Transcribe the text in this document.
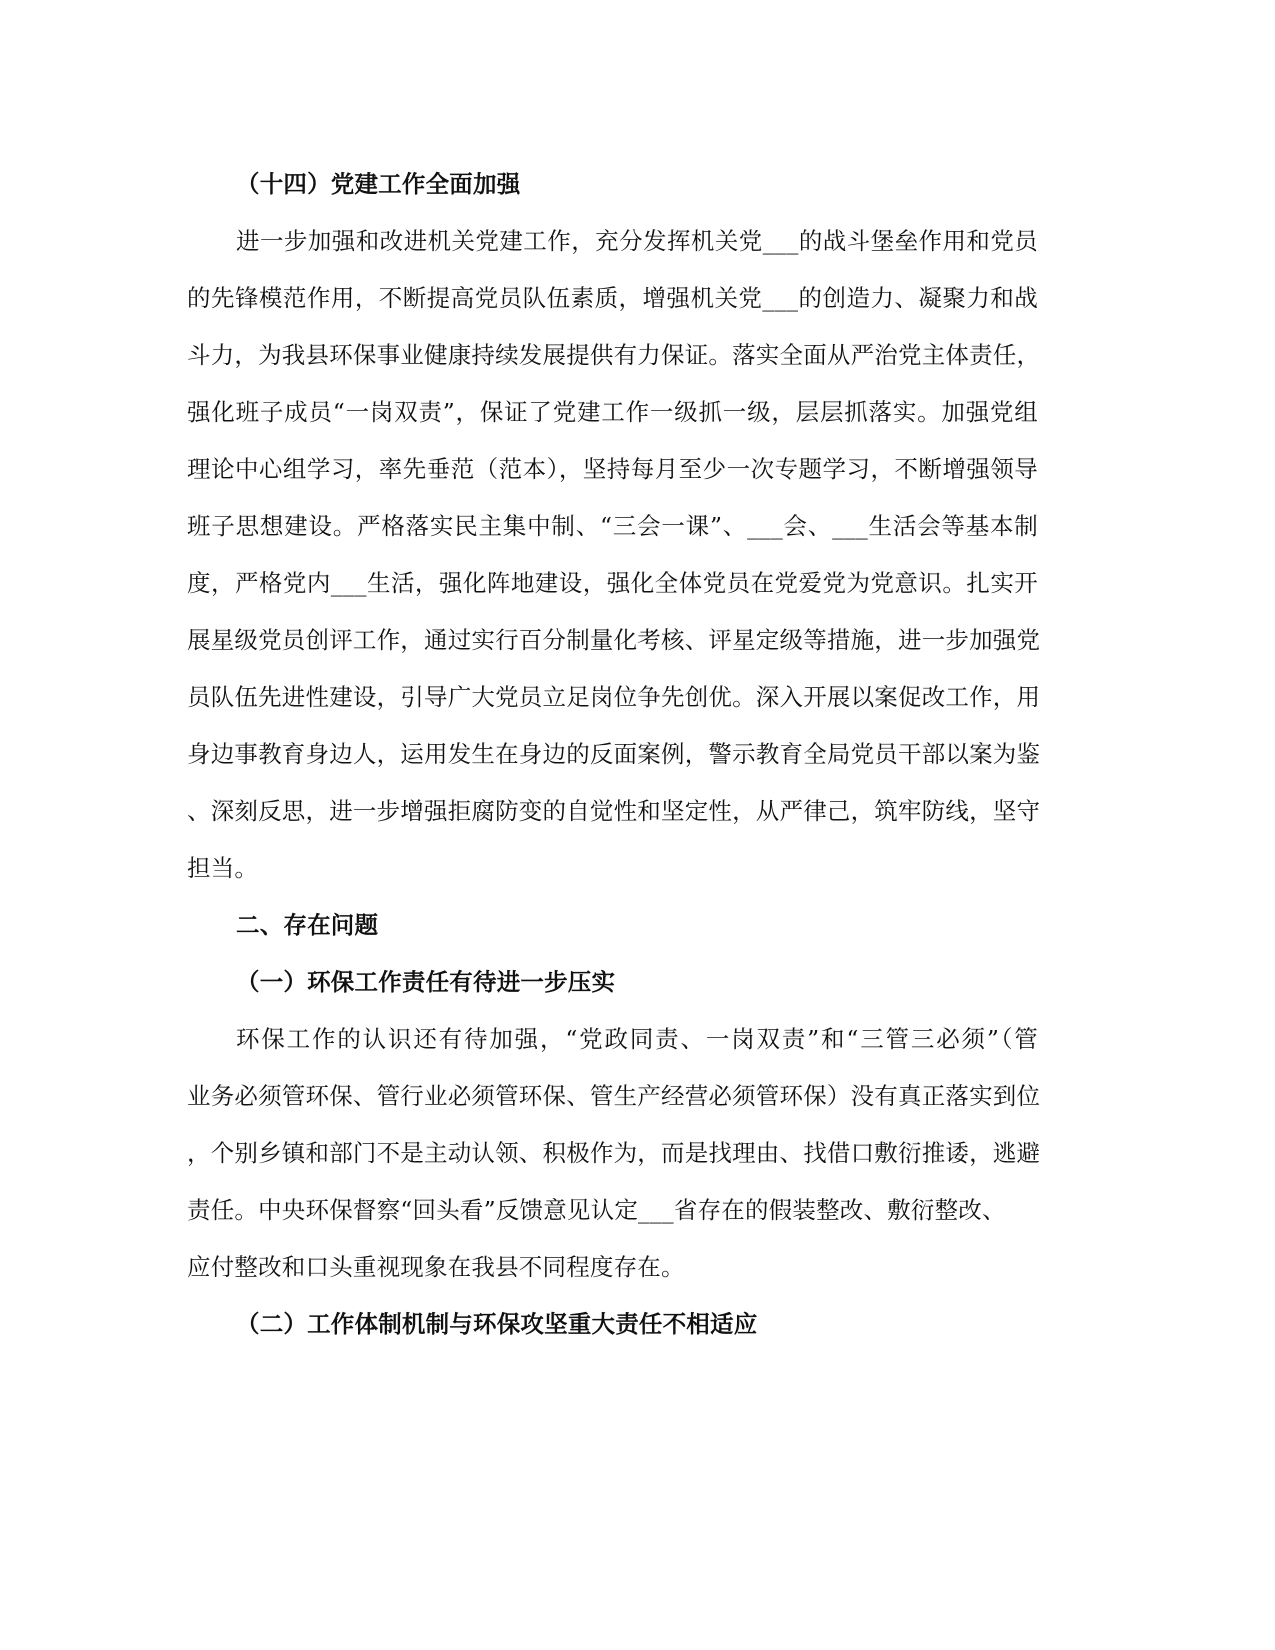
（十四）党建工作全面加强
进一步加强和改进机关党建工作，充分发挥机关党___的战斗堡垒作用和党员
的先锋模范作用，不断提高党员队伍素质，增强机关党___的创造力、凝聚力和战
斗力，为我县环保事业健康持续发展提供有力保证。落实全面从严治党主体责任，
强化班子成员“一岗双责”，保证了党建工作一级抓一级，层层抓落实。加强党组
理论中心组学习，率先垂范（范本），坚持每月至少一次专题学习，不断增强领导
班子思想建设。严格落实民主集中制、“三会一课”、___会、___生活会等基本制
度，严格党内___生活，强化阵地建设，强化全体党员在党爱党为党意识。扎实开
展星级党员创评工作，通过实行百分制量化考核、评星定级等措施，进一步加强党
员队伍先进性建设，引导广大党员立足岗位争先创优。深入开展以案促改工作，用
身边事教育身边人，运用发生在身边的反面案例，警示教育全局党员干部以案为鉴
、深刻反思，进一步增强拒腐防变的自觉性和坚定性，从严律己，筑牢防线，坚守
担当。
二、存在问题
（一）环保工作责任有待进一步压实
环保工作的认识还有待加强，“党政同责、一岗双责”和“三管三必须”（管
业务必须管环保、管行业必须管环保、管生产经营必须管环保）没有真正落实到位
，个别乡镇和部门不是主动认领、积极作为，而是找理由、找借口敷衍推诿，逃避
责任。中央环保督察“回头看”反馈意见认定___省存在的假装整改、敷衍整改、
应付整改和口头重视现象在我县不同程度存在。
（二）工作体制机制与环保攻坚重大责任不相适应
